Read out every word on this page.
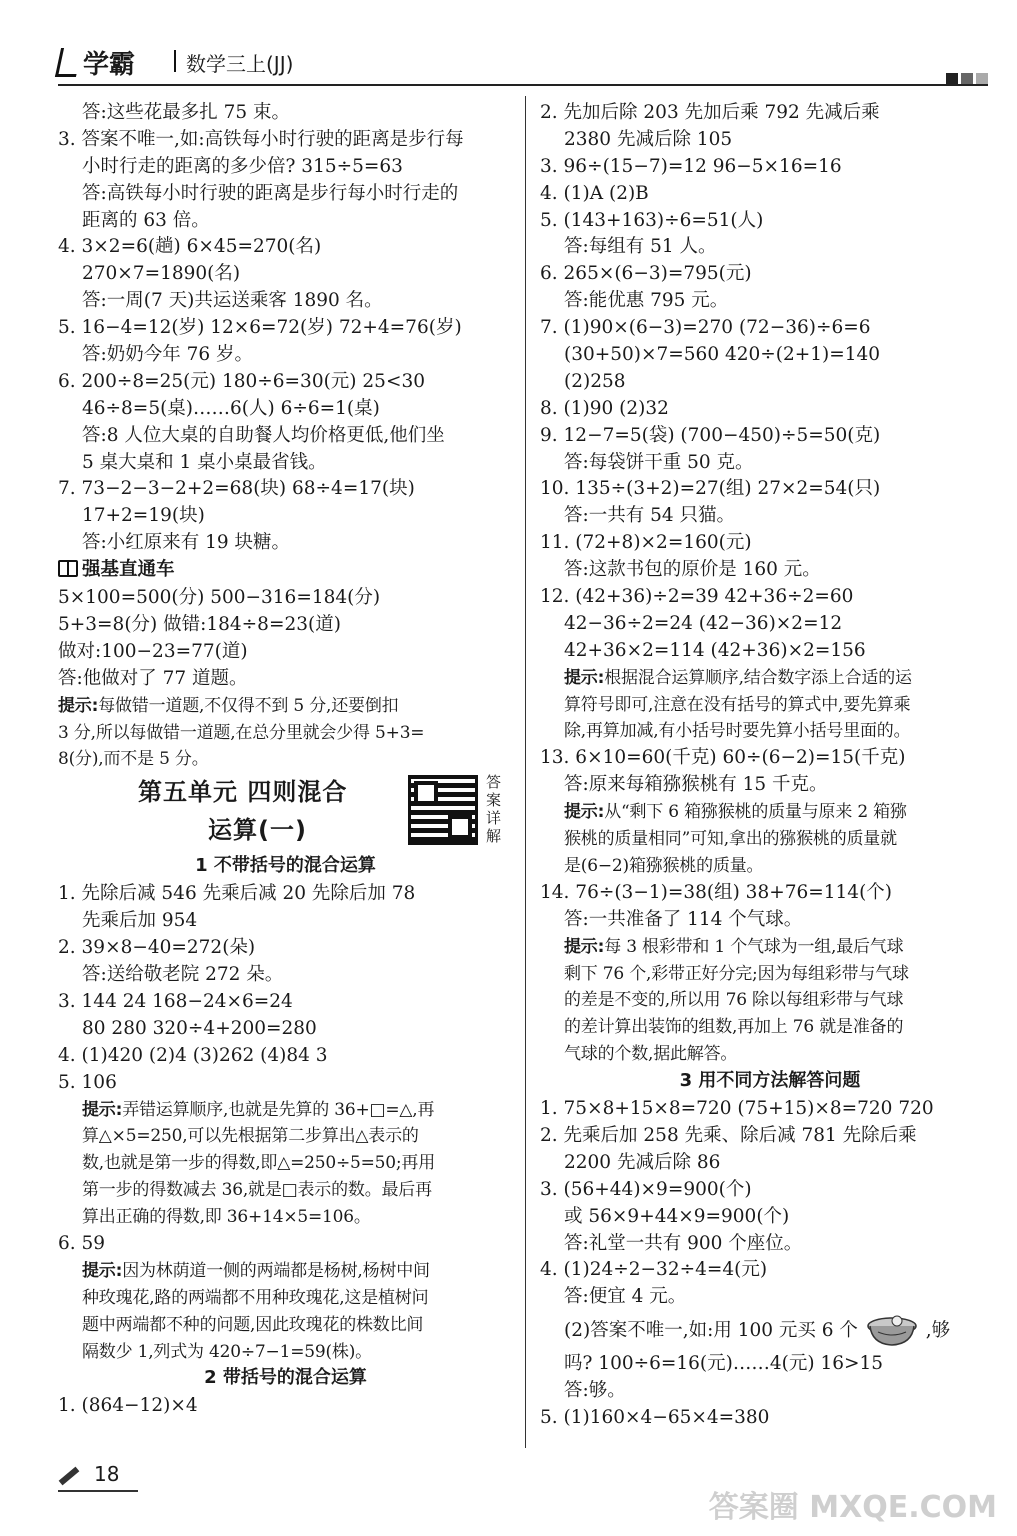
学霸	数学三上(JJ)
答:这些花最多扎 75 束。
3. 答案不唯一,如:高铁每小时行驶的距离是步行每
小时行走的距离的多少倍? 315÷5=63
答:高铁每小时行驶的距离是步行每小时行走的
距离的 63 倍。
4. 3×2=6(趟) 6×45=270(名)
270×7=1890(名)
答:一周(7 天)共运送乘客 1890 名。
5. 16−4=12(岁) 12×6=72(岁) 72+4=76(岁)
答:奶奶今年 76 岁。
6. 200÷8=25(元) 180÷6=30(元) 25<30
46÷8=5(桌)……6(人) 6÷6=1(桌)
答:8 人位大桌的自助餐人均价格更低,他们坐
5 桌大桌和 1 桌小桌最省钱。
7. 73−2−3−2+2=68(块) 68÷4=17(块)
17+2=19(块)
答:小红原来有 19 块糖。
强基直通车
5×100=500(分) 500−316=184(分)
5+3=8(分) 做错:184÷8=23(道)
做对:100−23=77(道)
答:他做对了 77 道题。
提示:每做错一道题,不仅得不到 5 分,还要倒扣
3 分,所以每做错一道题,在总分里就会少得 5+3=
8(分),而不是 5 分。
第五单元 四则混合
运算(一)
答案详解
1 不带括号的混合运算
1. 先除后减 546 先乘后减 20 先除后加 78
先乘后加 954
2. 39×8−40=272(朵)
答:送给敬老院 272 朵。
3. 144 24 168−24×6=24
80 280 320÷4+200=280
4. (1)420 (2)4 (3)262 (4)84 3
5. 106
提示:弄错运算顺序,也就是先算的 36+□=△,再
算△×5=250,可以先根据第二步算出△表示的
数,也就是第一步的得数,即△=250÷5=50;再用
第一步的得数减去 36,就是□表示的数。最后再
算出正确的得数,即 36+14×5=106。
6. 59
提示:因为林荫道一侧的两端都是杨树,杨树中间
种玫瑰花,路的两端都不用种玫瑰花,这是植树问
题中两端都不种的问题,因此玫瑰花的株数比间
隔数少 1,列式为 420÷7−1=59(株)。
2 带括号的混合运算
1. (864−12)×4
2. 先加后除 203 先加后乘 792 先减后乘
2380 先减后除 105
3. 96÷(15−7)=12 96−5×16=16
4. (1)A (2)B
5. (143+163)÷6=51(人)
答:每组有 51 人。
6. 265×(6−3)=795(元)
答:能优惠 795 元。
7. (1)90×(6−3)=270 (72−36)÷6=6
(30+50)×7=560 420÷(2+1)=140
(2)258
8. (1)90 (2)32
9. 12−7=5(袋) (700−450)÷5=50(克)
答:每袋饼干重 50 克。
10. 135÷(3+2)=27(组) 27×2=54(只)
答:一共有 54 只猫。
11. (72+8)×2=160(元)
答:这款书包的原价是 160 元。
12. (42+36)÷2=39 42+36÷2=60
42−36÷2=24 (42−36)×2=12
42+36×2=114 (42+36)×2=156
提示:根据混合运算顺序,结合数字添上合适的运
算符号即可,注意在没有括号的算式中,要先算乘
除,再算加减,有小括号时要先算小括号里面的。
13. 6×10=60(千克) 60÷(6−2)=15(千克)
答:原来每箱猕猴桃有 15 千克。
提示:从“剩下 6 箱猕猴桃的质量与原来 2 箱猕
猴桃的质量相同”可知,拿出的猕猴桃的质量就
是(6−2)箱猕猴桃的质量。
14. 76÷(3−1)=38(组) 38+76=114(个)
答:一共准备了 114 个气球。
提示:每 3 根彩带和 1 个气球为一组,最后气球
剩下 76 个,彩带正好分完;因为每组彩带与气球
的差是不变的,所以用 76 除以每组彩带与气球
的差计算出装饰的组数,再加上 76 就是准备的
气球的个数,据此解答。
3 用不同方法解答问题
1. 75×8+15×8=720 (75+15)×8=720 720
2. 先乘后加 258 先乘、除后减 781 先除后乘
2200 先减后除 86
3. (56+44)×9=900(个)
或 56×9+44×9=900(个)
答:礼堂一共有 900 个座位。
4. (1)24÷2−32÷4=4(元)
答:便宜 4 元。
(2)答案不唯一,如:用 100 元买 6 个	,够
吗? 100÷6=16(元)……4(元) 16>15
答:够。
5. (1)160×4−65×4=380
18
答案圈 MXQE.COM
